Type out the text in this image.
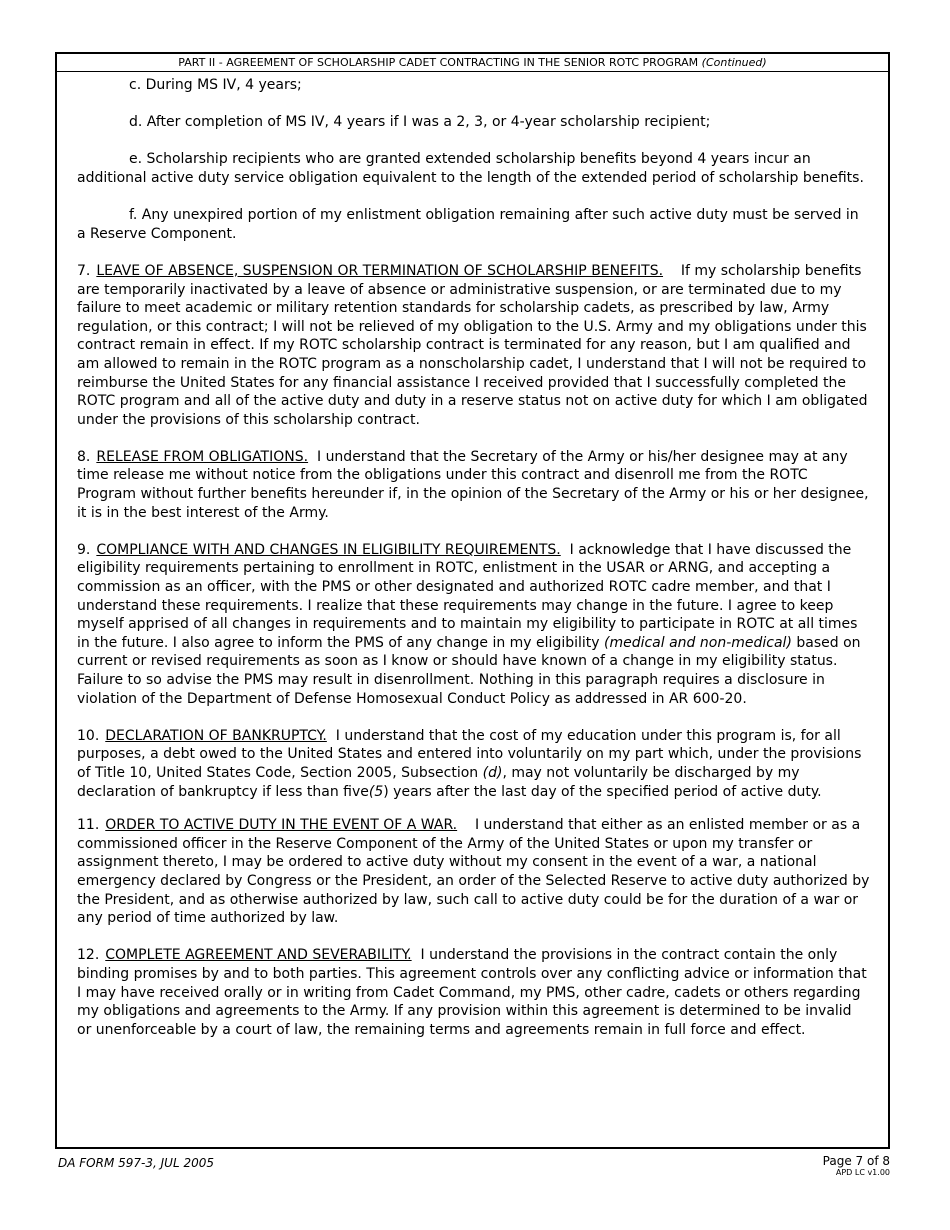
PART II - AGREEMENT OF SCHOLARSHIP CADET CONTRACTING IN THE SENIOR ROTC PROGRAM (Continued)

c. During MS IV, 4 years;

d. After completion of MS IV, 4 years if I was a 2, 3, or 4-year scholarship recipient;

e. Scholarship recipients who are granted extended scholarship benefits beyond 4 years incur an additional active duty service obligation equivalent to the length of the extended period of scholarship benefits.

f. Any unexpired portion of my enlistment obligation remaining after such active duty must be served in a Reserve Component.

7. LEAVE OF ABSENCE, SUSPENSION OR TERMINATION OF SCHOLARSHIP BENEFITS. If my scholarship benefits are temporarily inactivated by a leave of absence or administrative suspension, or are terminated due to my failure to meet academic or military retention standards for scholarship cadets, as prescribed by law, Army regulation, or this contract; I will not be relieved of my obligation to the U.S. Army and my obligations under this contract remain in effect. If my ROTC scholarship contract is terminated for any reason, but I am qualified and am allowed to remain in the ROTC program as a nonscholarship cadet, I understand that I will not be required to reimburse the United States for any financial assistance I received provided that I successfully completed the ROTC program and all of the active duty and duty in a reserve status not on active duty for which I am obligated under the provisions of this scholarship contract.

8. RELEASE FROM OBLIGATIONS. I understand that the Secretary of the Army or his/her designee may at any time release me without notice from the obligations under this contract and disenroll me from the ROTC Program without further benefits hereunder if, in the opinion of the Secretary of the Army or his or her designee, it is in the best interest of the Army.

9. COMPLIANCE WITH AND CHANGES IN ELIGIBILITY REQUIREMENTS. I acknowledge that I have discussed the eligibility requirements pertaining to enrollment in ROTC, enlistment in the USAR or ARNG, and accepting a commission as an officer, with the PMS or other designated and authorized ROTC cadre member, and that I understand these requirements. I realize that these requirements may change in the future. I agree to keep myself apprised of all changes in requirements and to maintain my eligibility to participate in ROTC at all times in the future. I also agree to inform the PMS of any change in my eligibility (medical and non-medical) based on current or revised requirements as soon as I know or should have known of a change in my eligibility status. Failure to so advise the PMS may result in disenrollment. Nothing in this paragraph requires a disclosure in violation of the Department of Defense Homosexual Conduct Policy as addressed in AR 600-20.

10. DECLARATION OF BANKRUPTCY. I understand that the cost of my education under this program is, for all purposes, a debt owed to the United States and entered into voluntarily on my part which, under the provisions of Title 10, United States Code, Section 2005, Subsection (d), may not voluntarily be discharged by my declaration of bankruptcy if less than five(5) years after the last day of the specified period of active duty.

11. ORDER TO ACTIVE DUTY IN THE EVENT OF A WAR. I understand that either as an enlisted member or as a commissioned officer in the Reserve Component of the Army of the United States or upon my transfer or assignment thereto, I may be ordered to active duty without my consent in the event of a war, a national emergency declared by Congress or the President, an order of the Selected Reserve to active duty authorized by the President, and as otherwise authorized by law, such call to active duty could be for the duration of a war or any period of time authorized by law.

12. COMPLETE AGREEMENT AND SEVERABILITY. I understand the provisions in the contract contain the only binding promises by and to both parties. This agreement controls over any conflicting advice or information that I may have received orally or in writing from Cadet Command, my PMS, other cadre, cadets or others regarding my obligations and agreements to the Army. If any provision within this agreement is determined to be invalid or unenforceable by a court of law, the remaining terms and agreements remain in full force and effect.

DA FORM 597-3, JUL 2005	Page 7 of 8
APD LC v1.00
